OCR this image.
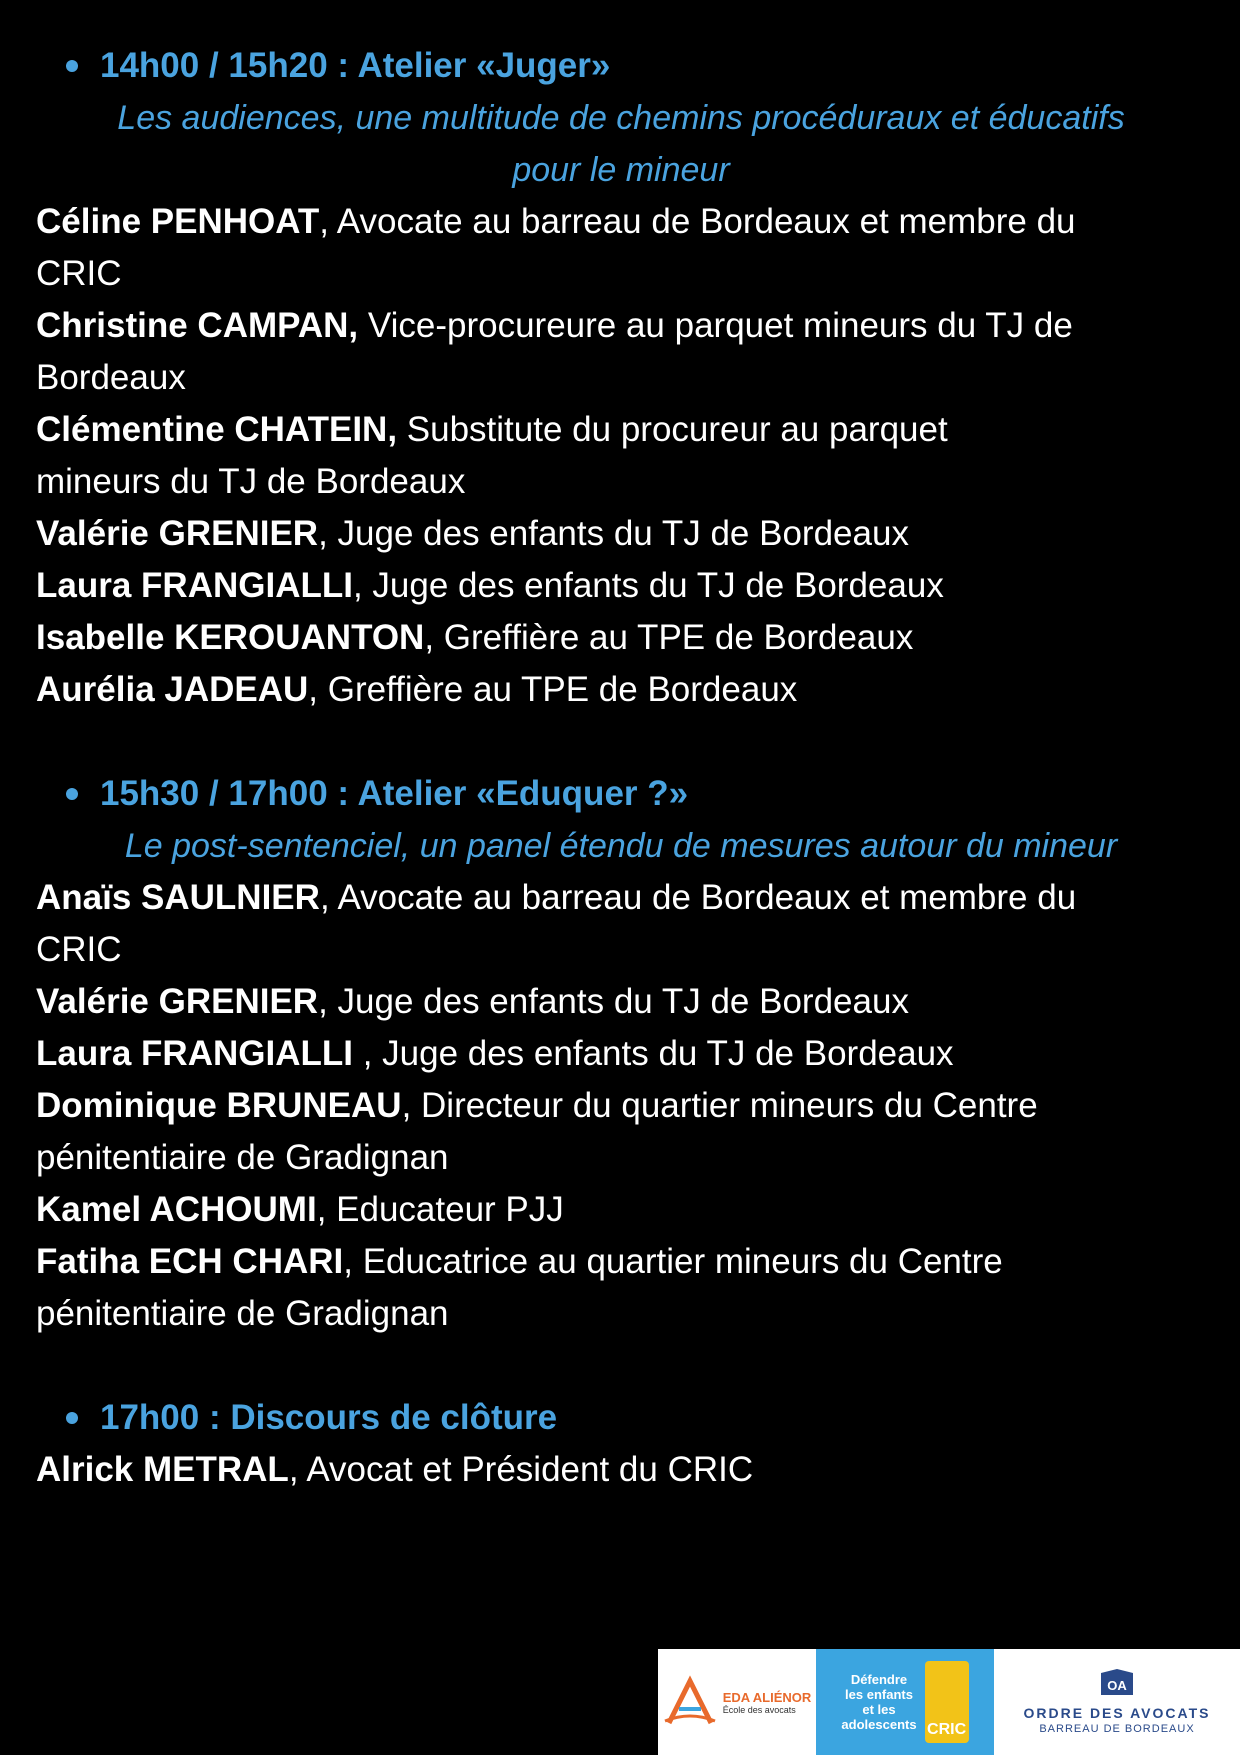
14h00 / 15h20 : Atelier «Juger»
Les audiences, une multitude de chemins procéduraux et éducatifs
pour le mineur
Céline PENHOAT, Avocate au barreau de Bordeaux et membre du
CRIC
Christine CAMPAN, Vice-procureure au parquet mineurs du TJ de
Bordeaux
Clémentine CHATEIN, Substitute du procureur au parquet
mineurs du TJ de Bordeaux
Valérie GRENIER, Juge des enfants du TJ de Bordeaux
Laura FRANGIALLI, Juge des enfants du TJ de Bordeaux
Isabelle KEROUANTON, Greffière au TPE de Bordeaux
Aurélia JADEAU, Greffière au TPE de Bordeaux
15h30 / 17h00 : Atelier «Eduquer ?»
Le post-sentenciel, un panel étendu de mesures autour du mineur
Anaïs SAULNIER, Avocate au barreau de Bordeaux et membre du
CRIC
Valérie GRENIER, Juge des enfants du TJ de Bordeaux
Laura FRANGIALLI , Juge des enfants du TJ de Bordeaux
Dominique BRUNEAU, Directeur du quartier mineurs du Centre
pénitentiaire de Gradignan
Kamel ACHOUMI, Educateur PJJ
Fatiha ECH CHARI, Educatrice au quartier mineurs du Centre
pénitentiaire de Gradignan
17h00 : Discours de clôture
Alrick METRAL, Avocat et Président du CRIC
EDA ALIÉNOR
École des avocats
Défendre
les enfants
et les
adolescents CRIC
OA
ORDRE DES AVOCATS
BARREAU DE BORDEAUX
